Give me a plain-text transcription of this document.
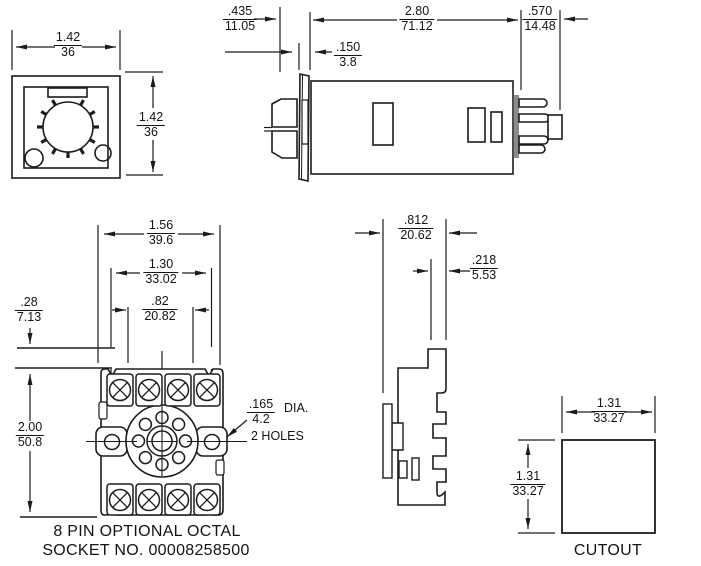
1.42
36
1.42
36
.435
11.05
2.80
71.12
.150
3.8
.570
14.48
1.56
39.6
1.30
33.02
.82
20.82
.28
7.13
2.00
50.8
.165
4.2
DIA.
2 HOLES
.812
20.62
.218
5.53
1.31
33.27
1.31
33.27
8 PIN OPTIONAL OCTAL
SOCKET NO. 00008258500	CUTOUT
